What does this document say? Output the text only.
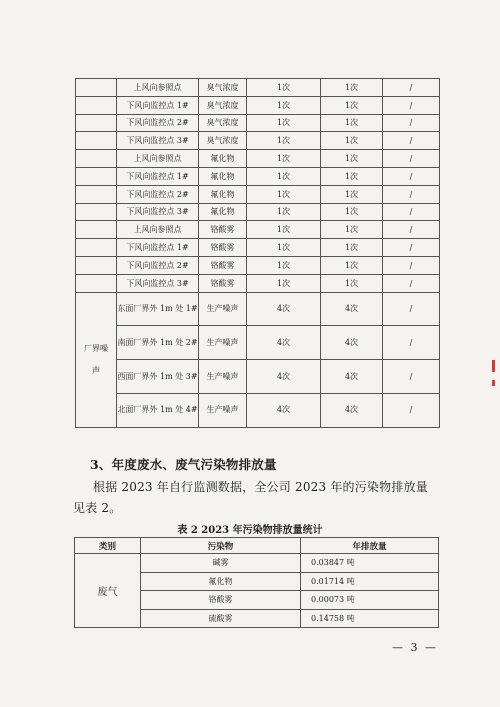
	上风向参照点	臭气浓度	1次	1次	/
	下风向监控点 1#	臭气浓度	1次	1次	/
	下风向监控点 2#	臭气浓度	1次	1次	/
	下风向监控点 3#	臭气浓度	1次	1次	/
	上风向参照点	氟化物	1次	1次	/
	下风向监控点 1#	氟化物	1次	1次	/
	下风向监控点 2#	氟化物	1次	1次	/
	下风向监控点 3#	氟化物	1次	1次	/
	上风向参照点	铬酸雾	1次	1次	/
	下风向监控点 1#	铬酸雾	1次	1次	/
	下风向监控点 2#	铬酸雾	1次	1次	/
	下风向监控点 3#	铬酸雾	1次	1次	/
厂界噪声	东面厂界外 1m 处 1#	生产噪声	4次	4次	/
	南面厂界外 1m 处 2#	生产噪声	4次	4次	/
	西面厂界外 1m 处 3#	生产噪声	4次	4次	/
	北面厂界外 1m 处 4#	生产噪声	4次	4次	/
3、年度废水、废气污染物排放量
根据 2023 年自行监测数据，全公司 2023 年的污染物排放量
见表 2。
表 2 2023 年污染物排放量统计
类别	污染物	年排放量
废气	碱雾	0.03847 吨
	氟化物	0.01714 吨
	铬酸雾	0.00073 吨
	硫酸雾	0.14758 吨
— 3 —
